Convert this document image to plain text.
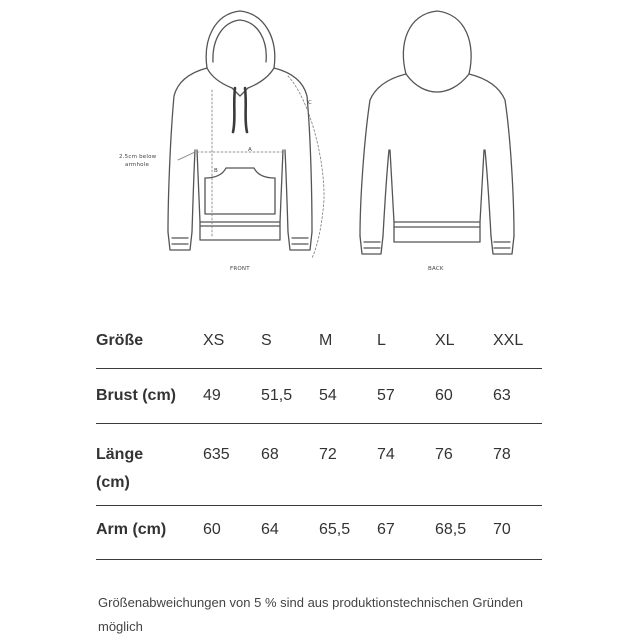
A
B
C
2.5cm below
armhole
FRONT	BACK
Größe	XS	S	M	L	XL	XXL
Brust (cm)	49	51,5	54	57	60	63
Länge
(cm)	635	68	72	74	76	78
Arm (cm)	60	64	65,5	67	68,5	70
Größenabweichungen von 5 % sind aus produktionstechnischen Gründen möglich
